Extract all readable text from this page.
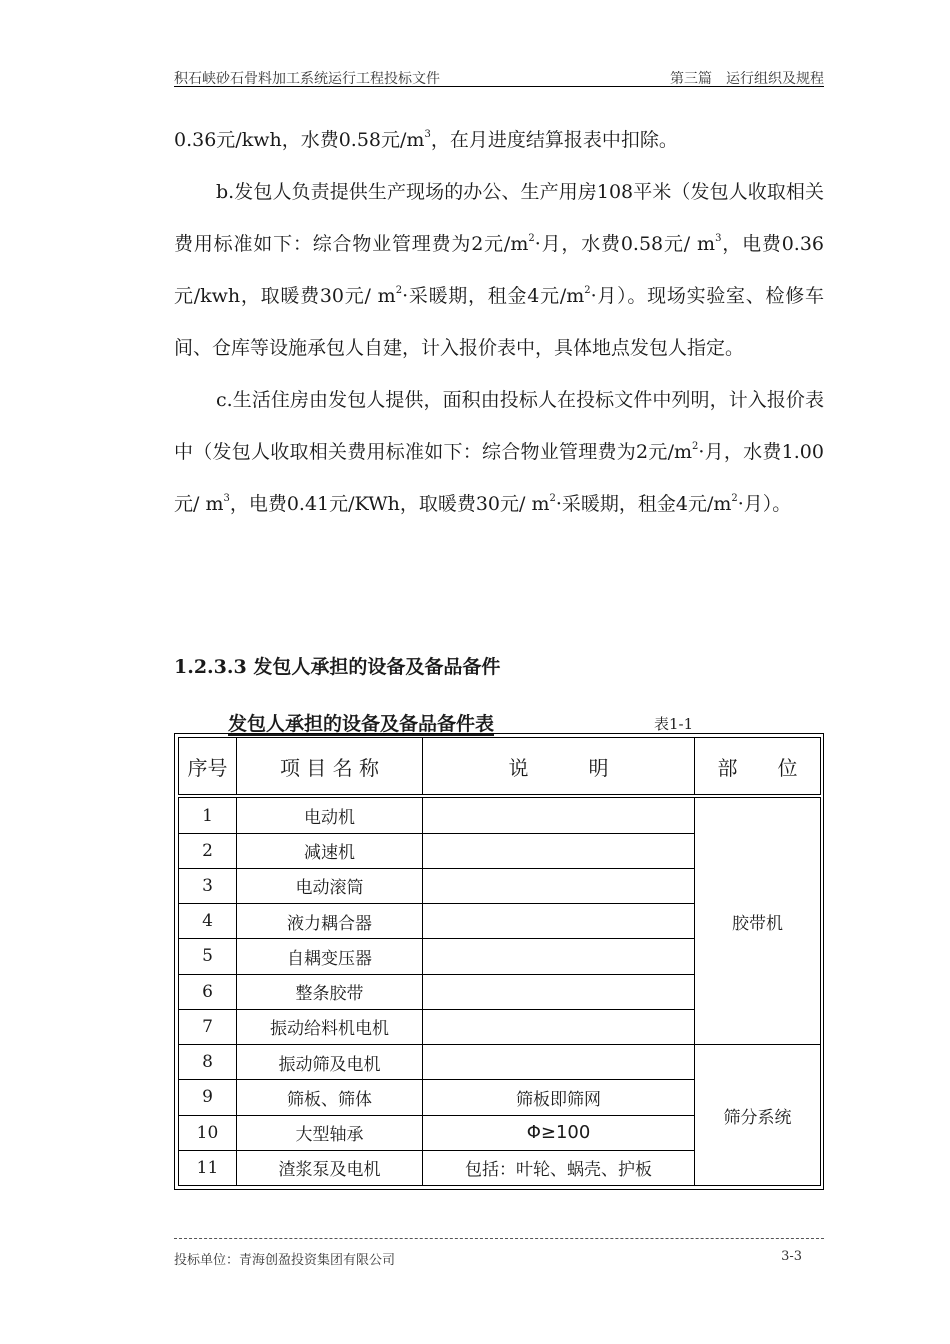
积石峡砂石骨料加工系统运行工程投标文件	第三篇　运行组织及规程

0.36元/kwh，水费0.58元$/m^3$，在月进度结算报表中扣除。

b.发包人负责提供生产现场的办公、生产用房108平米（发包人收取相关费用标准如下：综合物业管理费为2元$/m^2\cdot$月，水费0.58元/ $m^3$，电费0.36元/kwh，取暖费30元/ $m^2\cdot$采暖期，租金4元$/m^2\cdot$月）。现场实验室、检修车间、仓库等设施承包人自建，计入报价表中，具体地点发包人指定。

c.生活住房由发包人提供，面积由投标人在投标文件中列明，计入报价表中（发包人收取相关费用标准如下：综合物业管理费为2元$/m^2\cdot$月，水费1.00元/ $m^3$，电费0.41元/KWh，取暖费30元/ $m^2\cdot$采暖期，租金4元$/m^2\cdot$月）。

1.2.3.3 发包人承担的设备及备品备件
发包人承担的设备及备品备件表	表1-1
序号	项 目 名 称	说　　　明	部　　位
1	电动机		胶带机
2	减速机		
3	电动滚筒		
4	液力耦合器		
5	自耦变压器		
6	整条胶带		
7	振动给料机电机		
8	振动筛及电机		筛分系统
9	筛板、筛体	筛板即筛网	
10	大型轴承	Φ≥100	
11	渣浆泵及电机	包括：叶轮、蜗壳、护板	
投标单位：青海创盈投资集团有限公司	3-3
